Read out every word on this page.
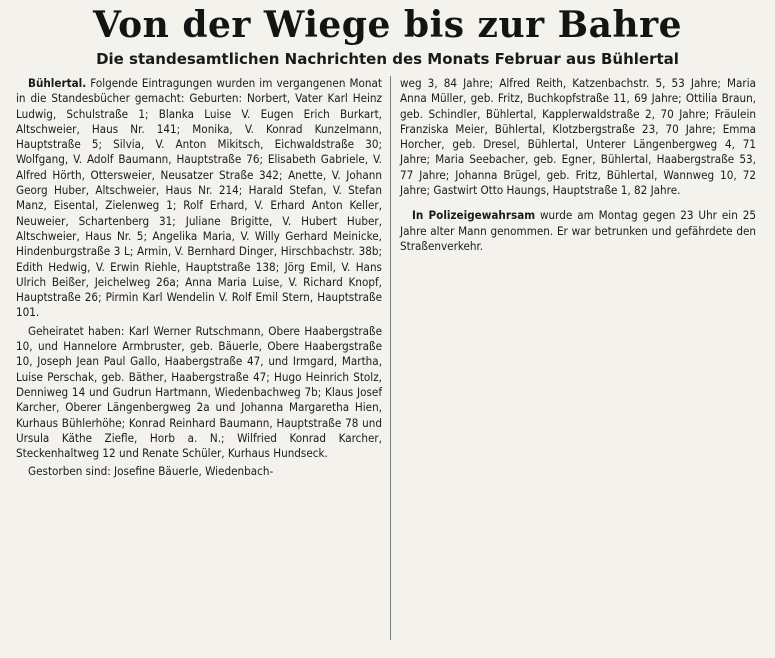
Von der Wiege bis zur Bahre
Die standesamtlichen Nachrichten des Monats Februar aus Bühlertal

Bühlertal. Folgende Eintragungen wurden im vergangenen Monat in die Standesbücher gemacht: Geburten: Norbert, Vater Karl Heinz Ludwig, Schulstraße 1; Blanka Luise V. Eugen Erich Burkart, Altschweier, Haus Nr. 141; Monika, V. Konrad Kunzelmann, Hauptstraße 5; Silvia, V. Anton Mikitsch, Eichwaldstraße 30; Wolfgang, V. Adolf Baumann, Hauptstraße 76; Elisabeth Gabriele, V. Alfred Hörth, Ottersweier, Neusatzer Straße 342; Anette, V. Johann Georg Huber, Altschweier, Haus Nr. 214; Harald Stefan, V. Stefan Manz, Eisental, Zielenweg 1; Rolf Erhard, V. Erhard Anton Keller, Neuweier, Schartenberg 31; Juliane Brigitte, V. Hubert Huber, Altschweier, Haus Nr. 5; Angelika Maria, V. Willy Gerhard Meinicke, Hindenburgstraße 3 L; Armin, V. Bernhard Dinger, Hirschbachstr. 38b; Edith Hedwig, V. Erwin Riehle, Hauptstraße 138; Jörg Emil, V. Hans Ulrich Beißer, Jeichelweg 26a; Anna Maria Luise, V. Richard Knopf, Hauptstraße 26; Pirmin Karl Wendelin V. Rolf Emil Stern, Hauptstraße 101.

Geheiratet haben: Karl Werner Rutschmann, Obere Haabergstraße 10, und Hannelore Armbruster, geb. Bäuerle, Obere Haabergstraße 10, Joseph Jean Paul Gallo, Haabergstraße 47, und Irmgard, Martha, Luise Perschak, geb. Bäther, Haabergstraße 47; Hugo Heinrich Stolz, Denniweg 14 und Gudrun Hartmann, Wiedenbachweg 7b; Klaus Josef Karcher, Oberer Längenbergweg 2a und Johanna Margaretha Hien, Kurhaus Bühlerhöhe; Konrad Reinhard Baumann, Hauptstraße 78 und Ursula Käthe Ziefle, Horb a. N.; Wilfried Konrad Karcher, Steckenhaltweg 12 und Renate Schüler, Kurhaus Hundseck.

Gestorben sind: Josefine Bäuerle, Wiedenbach-

weg 3, 84 Jahre; Alfred Reith, Katzenbachstr. 5, 53 Jahre; Maria Anna Müller, geb. Fritz, Buchkopfstraße 11, 69 Jahre; Ottilia Braun, geb. Schindler, Bühlertal, Kapplerwaldstraße 2, 70 Jahre; Fräulein Franziska Meier, Bühlertal, Klotzbergstraße 23, 70 Jahre; Emma Horcher, geb. Dresel, Bühlertal, Unterer Längenbergweg 4, 71 Jahre; Maria Seebacher, geb. Egner, Bühlertal, Haabergstraße 53, 77 Jahre; Johanna Brügel, geb. Fritz, Bühlertal, Wannweg 10, 72 Jahre; Gastwirt Otto Haungs, Hauptstraße 1, 82 Jahre.

In Polizeigewahrsam wurde am Montag gegen 23 Uhr ein 25 Jahre alter Mann genommen. Er war betrunken und gefährdete den Straßenverkehr.
